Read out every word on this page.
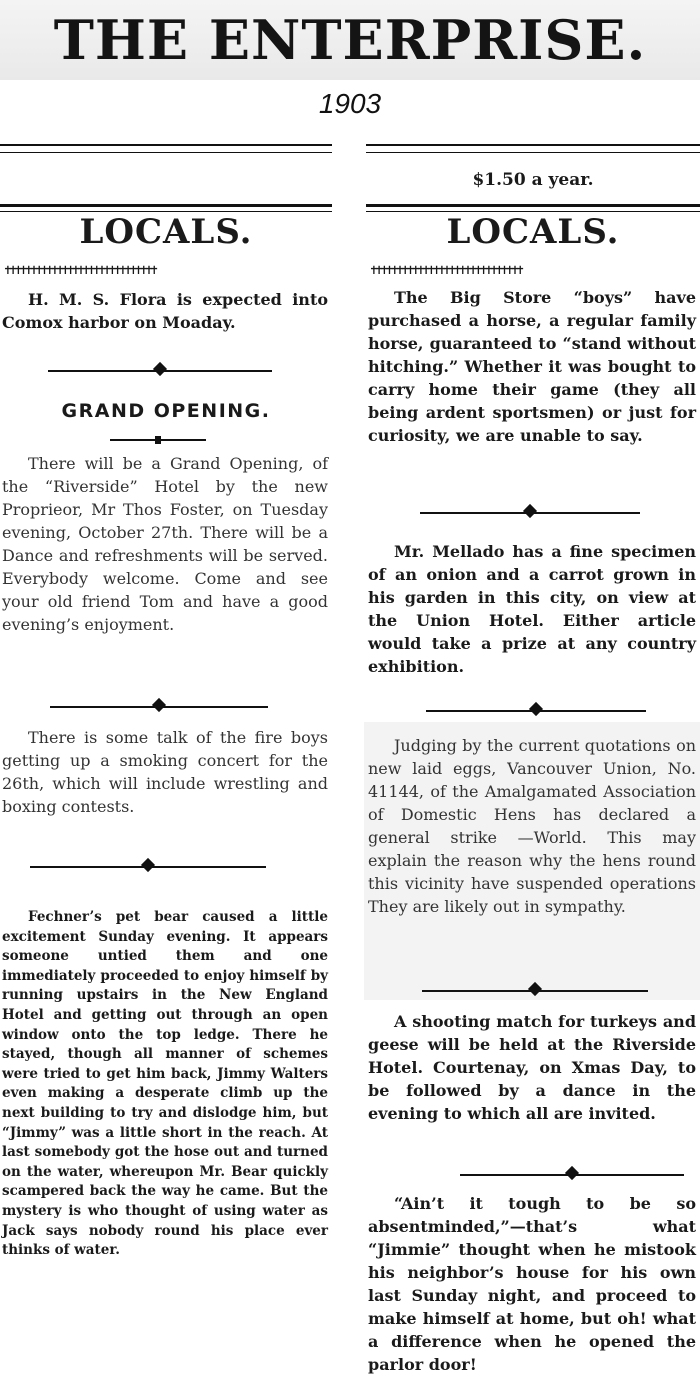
THE ENTERPRISE.
1903
LOCALS.
✝✝✝✝✝✝✝✝✝✝✝✝✝✝✝✝✝✝✝✝✝✝✝✝✝✝✝✝✝

H. M. S. Flora is expected into Comox harbor on Moaday.

GRAND OPENING.

There will be a Grand Opening, of the “Riverside” Hotel by the new Proprieor, Mr Thos Foster, on Tuesday evening, October 27th. There will be a Dance and refreshments will be served. Everybody welcome. Come and see your old friend Tom and have a good evening’s enjoyment.

There is some talk of the fire boys getting up a smoking concert for the 26th, which will include wrestling and boxing contests.

Fechner’s pet bear caused a little excitement Sunday evening. It appears someone untied them and one immediately proceeded to enjoy himself by running upstairs in the New England Hotel and getting out through an open window onto the top ledge. There he stayed, though all manner of schemes were tried to get him back, Jimmy Walters even making a desperate climb up the next building to try and dislodge him, but “Jimmy” was a little short in the reach. At last somebody got the hose out and turned on the water, whereupon Mr. Bear quickly scampered back the way he came. But the mystery is who thought of using water as Jack says nobody round his place ever thinks of water.

$1.50 a year.
LOCALS.
✝✝✝✝✝✝✝✝✝✝✝✝✝✝✝✝✝✝✝✝✝✝✝✝✝✝✝✝✝

The Big Store “boys” have purchased a horse, a regular family horse, guaranteed to “stand without hitching.” Whether it was bought to carry home their game (they all being ardent sportsmen) or just for curiosity, we are unable to say.

Mr. Mellado has a fine specimen of an onion and a carrot grown in his garden in this city, on view at the Union Hotel. Either article would take a prize at any country exhibition.

Judging by the current quotations on new laid eggs, Vancouver Union, No. 41144, of the Amalgamated Association of Domestic Hens has declared a general strike —World. This may explain the reason why the hens round this vicinity have suspended operations They are likely out in sympathy.

A shooting match for turkeys and geese will be held at the Riverside Hotel. Courtenay, on Xmas Day, to be followed by a dance in the evening to which all are invited.

“Ain’t it tough to be so absentminded,”—that’s what “Jimmie” thought when he mistook his neighbor’s house for his own last Sunday night, and proceed to make himself at home, but oh! what a difference when he opened the parlor door!
